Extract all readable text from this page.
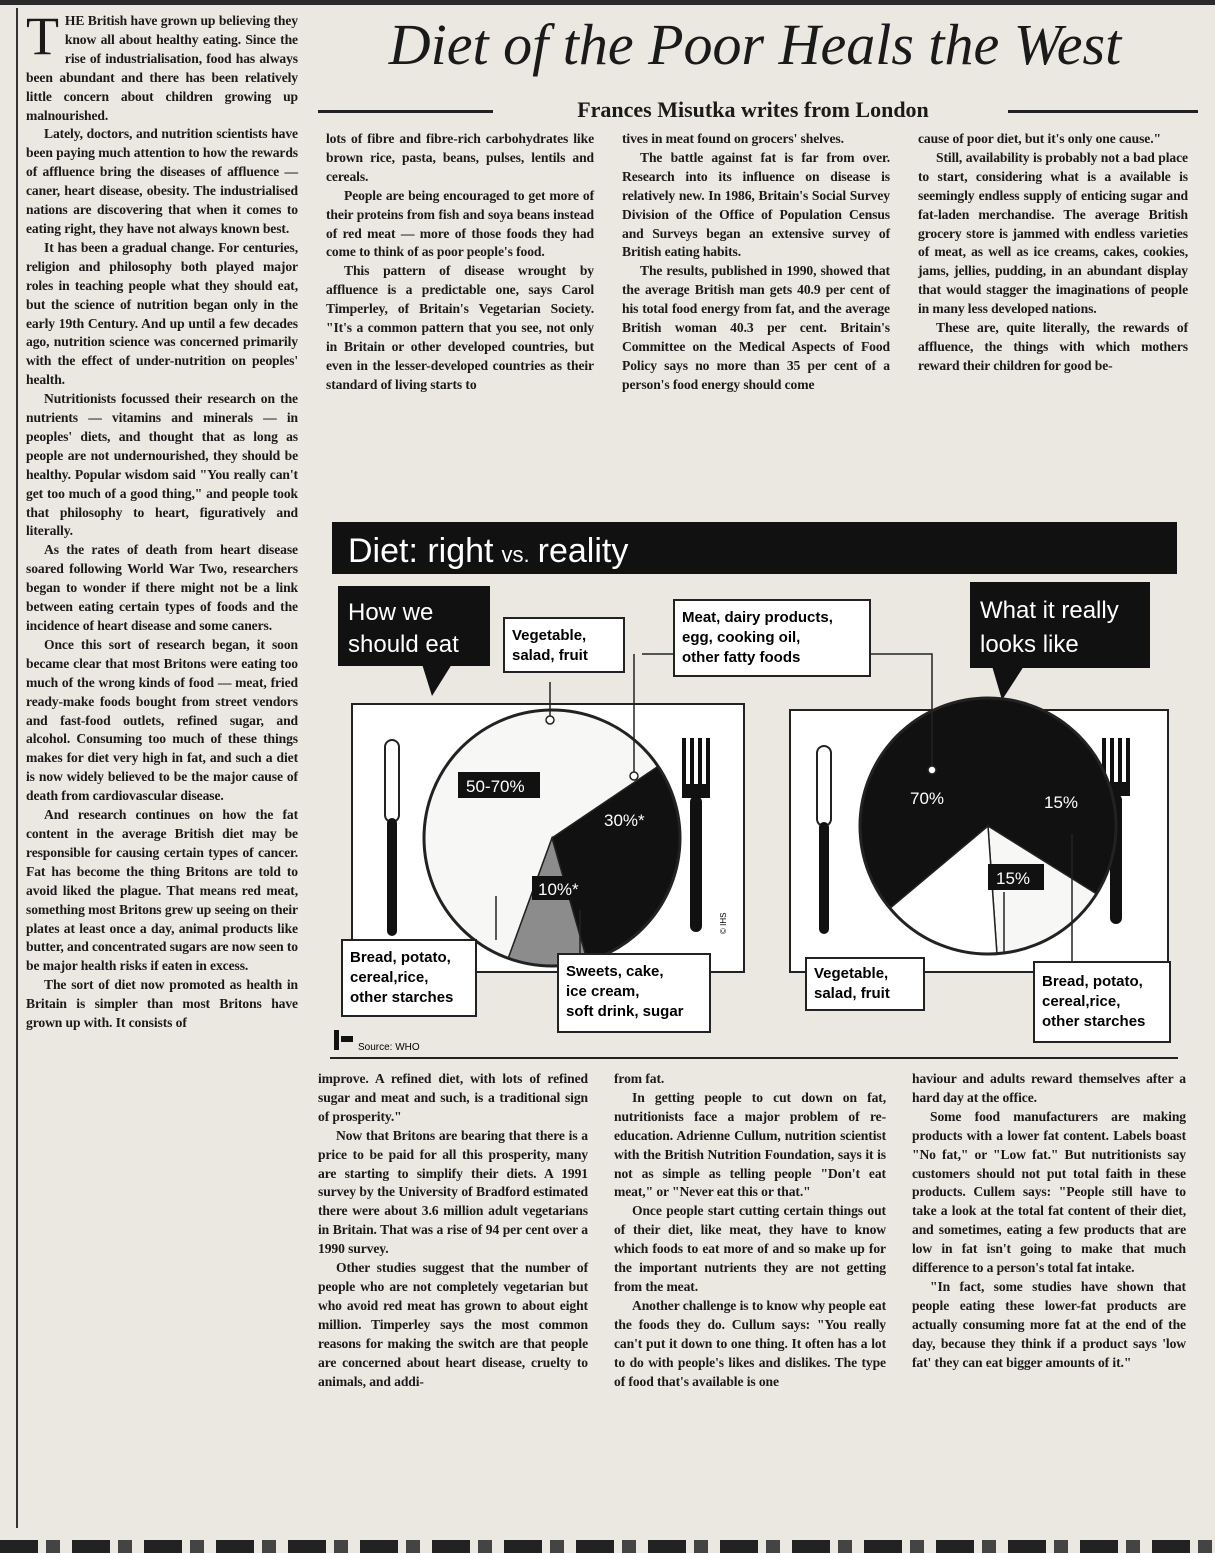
Diet of the Poor Heals the West
Frances Misutka writes from London

THE British have grown up believing they know all about healthy eating. Since the rise of industrialisation, food has always been abundant and there has been relatively little concern about children growing up malnourished.

Lately, doctors, and nutrition scientists have been paying much attention to how the rewards of affluence bring the diseases of affluence — caner, heart disease, obesity. The industrialised nations are discovering that when it comes to eating right, they have not always known best.

It has been a gradual change. For centuries, religion and philosophy both played major roles in teaching people what they should eat, but the science of nutrition began only in the early 19th Century. And up until a few decades ago, nutrition science was concerned primarily with the effect of under-nutrition on peoples' health.

Nutritionists focussed their research on the nutrients — vitamins and minerals — in peoples' diets, and thought that as long as people are not undernourished, they should be healthy. Popular wisdom said "You really can't get too much of a good thing," and people took that philosophy to heart, figuratively and literally.

As the rates of death from heart disease soared following World War Two, researchers began to wonder if there might not be a link between eating certain types of foods and the incidence of heart disease and some caners.

Once this sort of research began, it soon became clear that most Britons were eating too much of the wrong kinds of food — meat, fried ready-make foods bought from street vendors and fast-food outlets, refined sugar, and alcohol. Consuming too much of these things makes for diet very high in fat, and such a diet is now widely believed to be the major cause of death from cardiovascular disease.

And research continues on how the fat content in the average British diet may be responsible for causing certain types of cancer. Fat has become the thing Britons are told to avoid liked the plague. That means red meat, something most Britons grew up seeing on their plates at least once a day, animal products like butter, and concentrated sugars are now seen to be major health risks if eaten in excess.

The sort of diet now promoted as health in Britain is simpler than most Britons have grown up with. It consists of

lots of fibre and fibre-rich carbohydrates like brown rice, pasta, beans, pulses, lentils and cereals.

People are being encouraged to get more of their proteins from fish and soya beans instead of red meat — more of those foods they had come to think of as poor people's food.

This pattern of disease wrought by affluence is a predictable one, says Carol Timperley, of Britain's Vegetarian Society. "It's a common pattern that you see, not only in Britain or other developed countries, but even in the lesser-developed countries as their standard of living starts to

tives in meat found on grocers' shelves.

The battle against fat is far from over. Research into its influence on disease is relatively new. In 1986, Britain's Social Survey Division of the Office of Population Census and Surveys began an extensive survey of British eating habits.

The results, published in 1990, showed that the average British man gets 40.9 per cent of his total food energy from fat, and the average British woman 40.3 per cent. Britain's Committee on the Medical Aspects of Food Policy says no more than 35 per cent of a person's food energy should come

cause of poor diet, but it's only one cause."

Still, availability is probably not a bad place to start, considering what is a available is seemingly endless supply of enticing sugar and fat-laden merchandise. The average British grocery store is jammed with endless varieties of meat, as well as ice creams, cakes, cookies, jams, jellies, pudding, in an abundant display that would stagger the imaginations of people in many less developed nations.

These are, quite literally, the rewards of affluence, the things with which mothers reward their children for good be-

Diet: right vs. reality
How we
should eat
What it really
looks like
50-70%
30%*
10%*
70%	15%
15%
© IHS
Vegetable,
salad, fruit
Meat, dairy products,
egg, cooking oil,
other fatty foods
Bread, potato,
cereal,rice,
other starches
Sweets, cake,
ice cream,
soft drink, sugar
Vegetable,
salad, fruit
Bread, potato,
cereal,rice,
other starches
Source: WHO

improve. A refined diet, with lots of refined sugar and meat and such, is a traditional sign of prosperity."

Now that Britons are bearing that there is a price to be paid for all this prosperity, many are starting to simplify their diets. A 1991 survey by the University of Bradford estimated there were about 3.6 million adult vegetarians in Britain. That was a rise of 94 per cent over a 1990 survey.

Other studies suggest that the number of people who are not completely vegetarian but who avoid red meat has grown to about eight million. Timperley says the most common reasons for making the switch are that people are concerned about heart disease, cruelty to animals, and addi-

from fat.

In getting people to cut down on fat, nutritionists face a major problem of re-education. Adrienne Cullum, nutrition scientist with the British Nutrition Foundation, says it is not as simple as telling people "Don't eat meat," or "Never eat this or that."

Once people start cutting certain things out of their diet, like meat, they have to know which foods to eat more of and so make up for the important nutrients they are not getting from the meat.

Another challenge is to know why people eat the foods they do. Cullum says: "You really can't put it down to one thing. It often has a lot to do with people's likes and dislikes. The type of food that's available is one

haviour and adults reward themselves after a hard day at the office.

Some food manufacturers are making products with a lower fat content. Labels boast "No fat," or "Low fat." But nutritionists say customers should not put total faith in these products. Cullem says: "People still have to take a look at the total fat content of their diet, and sometimes, eating a few products that are low in fat isn't going to make that much difference to a person's total fat intake.

"In fact, some studies have shown that people eating these lower-fat products are actually consuming more fat at the end of the day, because they think if a product says 'low fat' they can eat bigger amounts of it."
